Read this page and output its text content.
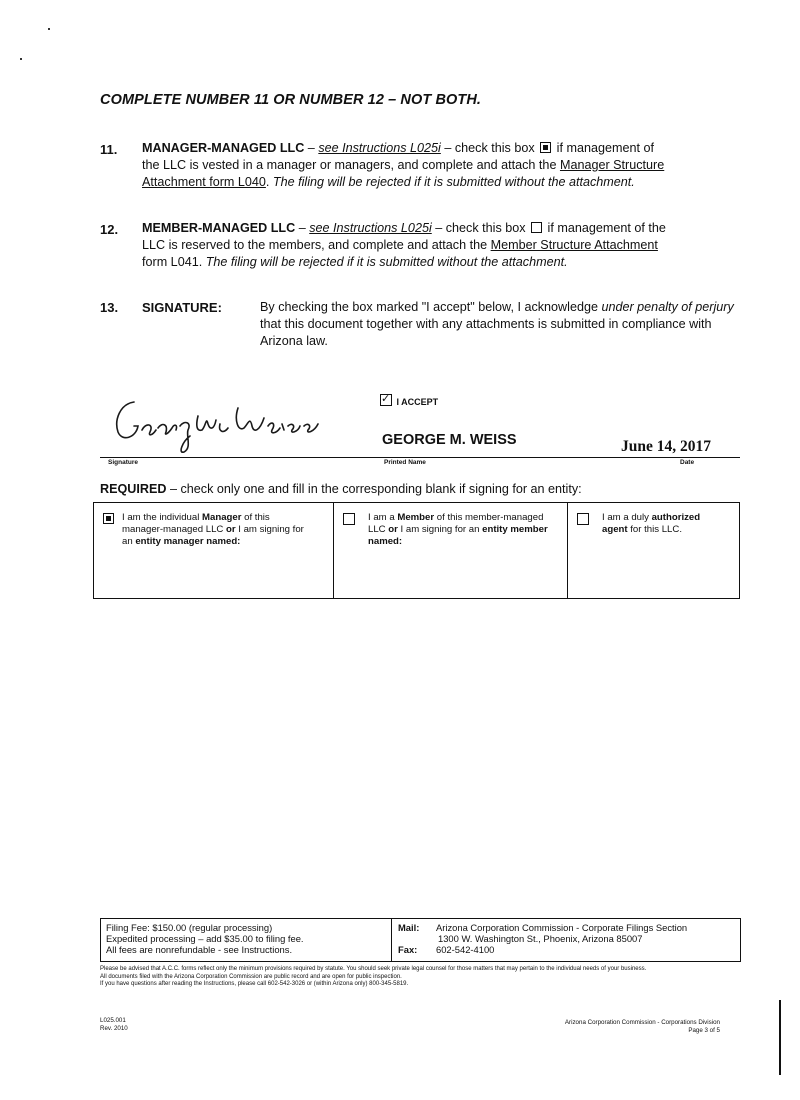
COMPLETE NUMBER 11 OR NUMBER 12 – NOT BOTH.
11. MANAGER-MANAGED LLC – see Instructions L025i – check this box  if management of
the LLC is vested in a manager or managers, and complete and attach the Manager Structure
Attachment form L040. The filing will be rejected if it is submitted without the attachment.
12. MEMBER-MANAGED LLC – see Instructions L025i – check this box  if management of the
LLC is reserved to the members, and complete and attach the Member Structure Attachment
form L041. The filing will be rejected if it is submitted without the attachment.
13. SIGNATURE:	By checking the box marked "I accept" below, I acknowledge under penalty of perjury that this document together with any attachments is submitted in compliance with Arizona law.
✓ I ACCEPT
GEORGE M. WEISS	June 14, 2017
Signature	Printed Name	Date
REQUIRED – check only one and fill in the corresponding blank if signing for an entity:
I am the individual Manager of this manager-managed LLC or I am signing for an entity manager named:
I am a Member of this member-managed LLC or I am signing for an entity member named:
I am a duly authorized agent for this LLC.
Filing Fee: $150.00 (regular processing)
Expedited processing – add $35.00 to filing fee.
All fees are nonrefundable - see Instructions.
Mail: Arizona Corporation Commission - Corporate Filings Section
1300 W. Washington St., Phoenix, Arizona 85007
Fax: 602-542-4100
Please be advised that A.C.C. forms reflect only the minimum provisions required by statute. You should seek private legal counsel for those matters that may pertain to the individual needs of your business.
All documents filed with the Arizona Corporation Commission are public record and are open for public inspection.
If you have questions after reading the Instructions, please call 602-542-3026 or (within Arizona only) 800-345-5819.
L025.001
Rev. 2010
Arizona Corporation Commission - Corporations Division
Page 3 of 5
